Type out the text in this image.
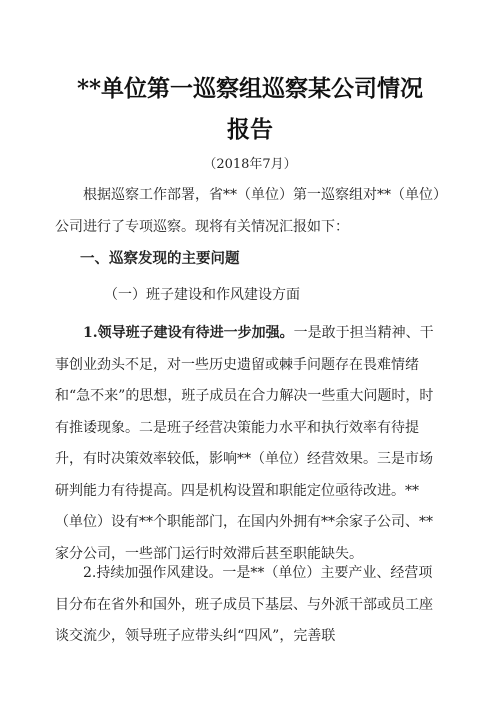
**单位第一巡察组巡察某公司情况
报告
（2018年7月）
根据巡察工作部署，省**（单位）第一巡察组对**（单位）公司进行了专项巡察。现将有关情况汇报如下：
一、巡察发现的主要问题
（一）班子建设和作风建设方面
1.领导班子建设有待进一步加强。一是敢于担当精神、干事创业劲头不足，对一些历史遗留或棘手问题存在畏难情绪和“急不来”的思想，班子成员在合力解决一些重大问题时，时有推诿现象。二是班子经营决策能力水平和执行效率有待提升，有时决策效率较低，影响**（单位）经营效果。三是市场研判能力有待提高。四是机构设置和职能定位亟待改进。**（单位）设有**个职能部门，在国内外拥有**余家子公司、**家分公司，一些部门运行时效滞后甚至职能缺失。
2.持续加强作风建设。一是**（单位）主要产业、经营项目分布在省外和国外，班子成员下基层、与外派干部或员工座谈交流少，领导班子应带头纠“四风”，完善联
